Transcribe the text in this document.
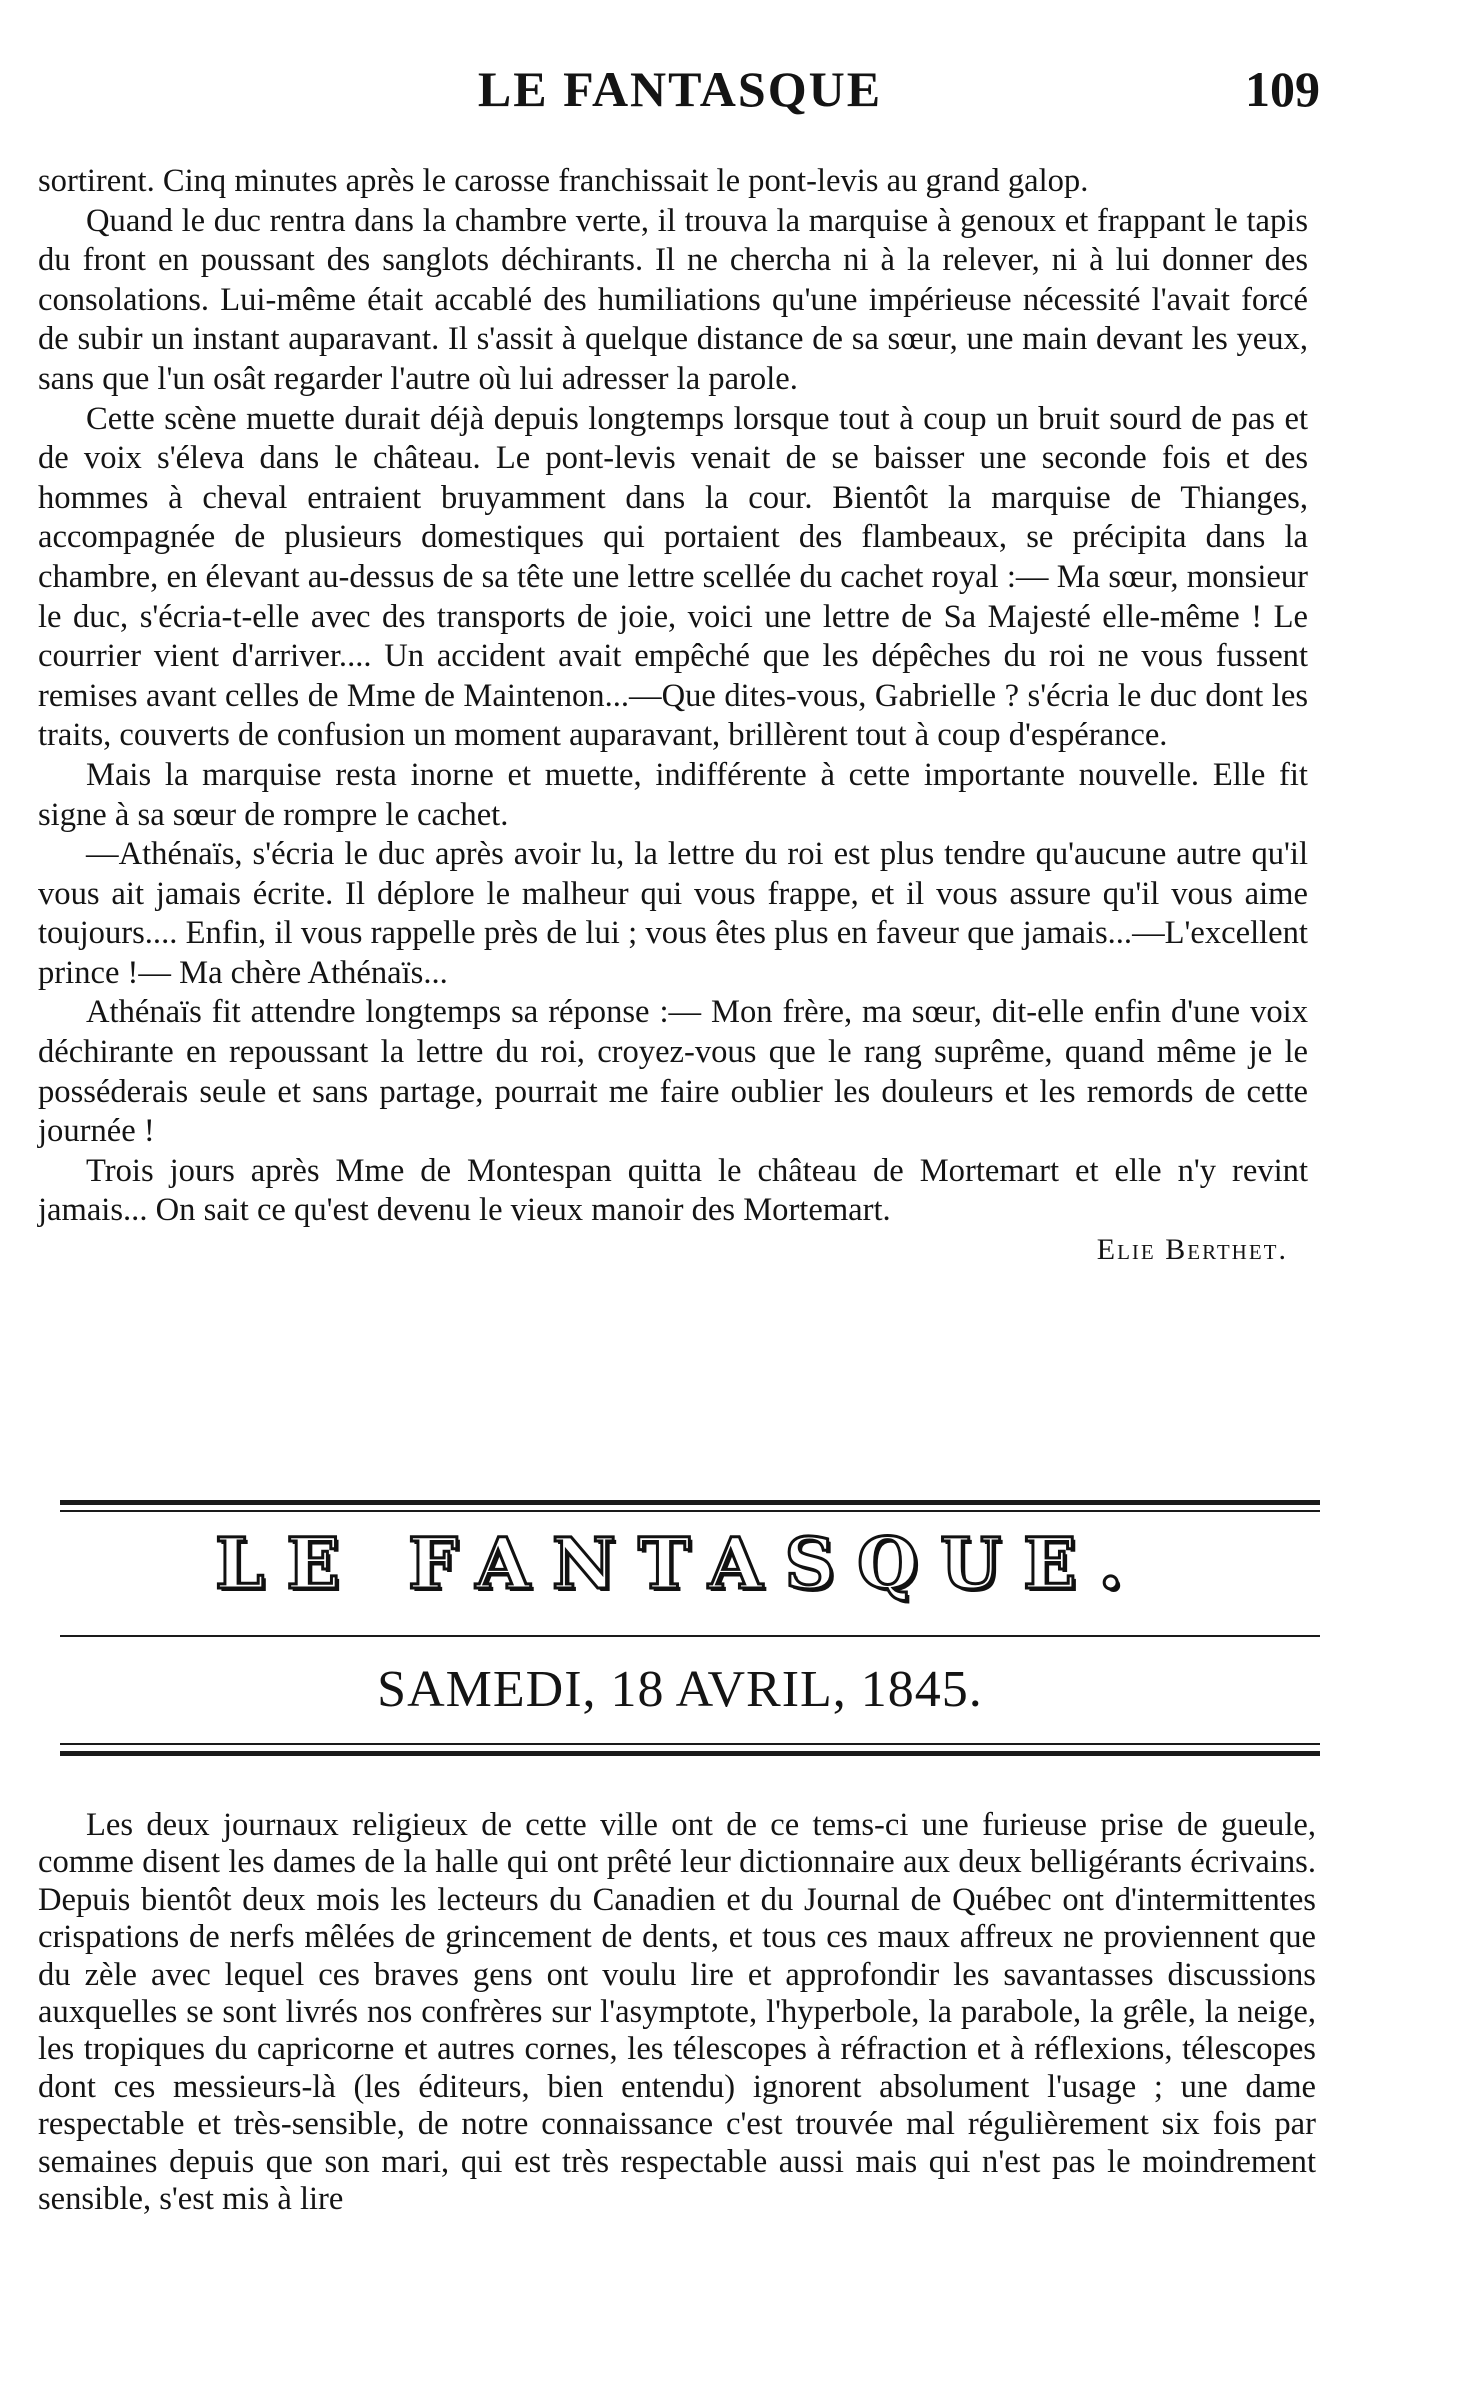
LE FANTASQUE	109

sortirent. Cinq minutes après le carosse franchissait le pont-levis au grand galop.

Quand le duc rentra dans la chambre verte, il trouva la marquise à genoux et frappant le tapis du front en poussant des sanglots déchirants. Il ne chercha ni à la relever, ni à lui donner des consolations. Lui-même était accablé des humiliations qu'une impérieuse nécessité l'avait forcé de subir un instant auparavant. Il s'assit à quelque distance de sa sœur, une main devant les yeux, sans que l'un osât regarder l'autre où lui adresser la parole.

Cette scène muette durait déjà depuis longtemps lorsque tout à coup un bruit sourd de pas et de voix s'éleva dans le château. Le pont-levis venait de se baisser une seconde fois et des hommes à cheval entraient bruyamment dans la cour. Bientôt la marquise de Thianges, accompagnée de plusieurs domestiques qui portaient des flambeaux, se précipita dans la chambre, en élevant au-dessus de sa tête une lettre scellée du cachet royal :— Ma sœur, monsieur le duc, s'écria-t-elle avec des transports de joie, voici une lettre de Sa Majesté elle-même ! Le courrier vient d'arriver.... Un accident avait empêché que les dépêches du roi ne vous fussent remises avant celles de Mme de Maintenon...—Que dites-vous, Gabrielle ? s'écria le duc dont les traits, couverts de confusion un moment auparavant, brillèrent tout à coup d'espérance.

Mais la marquise resta inorne et muette, indifférente à cette importante nouvelle. Elle fit signe à sa sœur de rompre le cachet.

—Athénaïs, s'écria le duc après avoir lu, la lettre du roi est plus tendre qu'aucune autre qu'il vous ait jamais écrite. Il déplore le malheur qui vous frappe, et il vous assure qu'il vous aime toujours.... Enfin, il vous rappelle près de lui ; vous êtes plus en faveur que jamais...—L'excellent prince !— Ma chère Athénaïs...

Athénaïs fit attendre longtemps sa réponse :— Mon frère, ma sœur, dit-elle enfin d'une voix déchirante en repoussant la lettre du roi, croyez-vous que le rang suprême, quand même je le posséderais seule et sans partage, pourrait me faire oublier les douleurs et les remords de cette journée !

Trois jours après Mme de Montespan quitta le château de Mortemart et elle n'y revint jamais... On sait ce qu'est devenu le vieux manoir des Mortemart.

Elie Berthet.

LE FANTASQUE.
SAMEDI, 18 AVRIL, 1845.

Les deux journaux religieux de cette ville ont de ce tems-ci une furieuse prise de gueule, comme disent les dames de la halle qui ont prêté leur dictionnaire aux deux belligérants écrivains. Depuis bientôt deux mois les lecteurs du Canadien et du Journal de Québec ont d'intermittentes crispations de nerfs mêlées de grincement de dents, et tous ces maux affreux ne proviennent que du zèle avec lequel ces braves gens ont voulu lire et approfondir les savantasses discussions auxquelles se sont livrés nos confrères sur l'asymptote, l'hyperbole, la parabole, la grêle, la neige, les tropiques du capricorne et autres cornes, les télescopes à réfraction et à réflexions, télescopes dont ces messieurs-là (les éditeurs, bien entendu) ignorent absolument l'usage ; une dame respectable et très-sensible, de notre connaissance c'est trouvée mal régulièrement six fois par semaines depuis que son mari, qui est très respectable aussi mais qui n'est pas le moindrement sensible, s'est mis à lire
